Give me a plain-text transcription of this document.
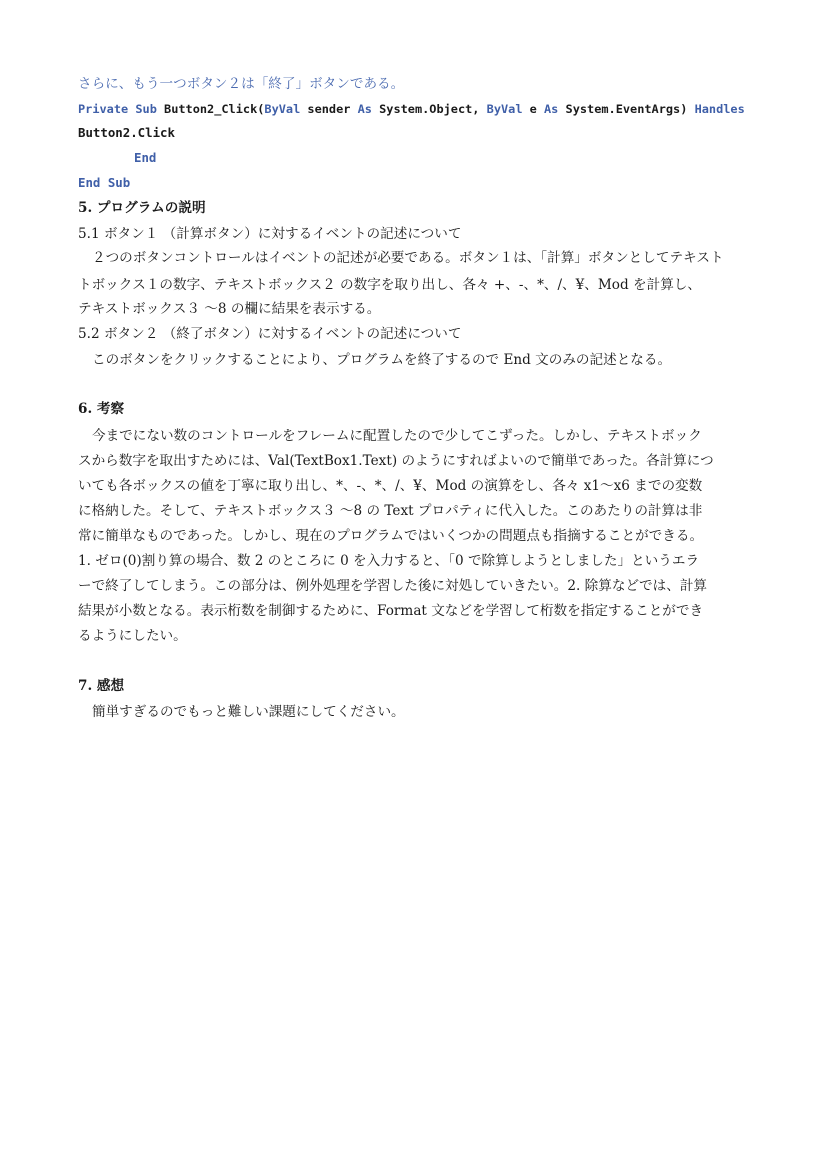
さらに、もう一つボタン２は「終了」ボタンである。
Private Sub Button2_Click(ByVal sender As System.Object, ByVal e As System.EventArgs) Handles
Button2.Click
End
End Sub
5. プログラムの説明
5.1 ボタン１ （計算ボタン）に対するイベントの記述について
２つのボタンコントロールはイベントの記述が必要である。ボタン１は、「計算」ボタンとしてテキスト
トボックス１の数字、テキストボックス２ の数字を取り出し、各々 +、-、*、/、¥、Mod を計算し、
テキストボックス３ ～8 の欄に結果を表示する。
5.2 ボタン２ （終了ボタン）に対するイベントの記述について
このボタンをクリックすることにより、プログラムを終了するので End 文のみの記述となる。
6. 考察
今までにない数のコントロールをフレームに配置したので少してこずった。しかし、テキストボック
スから数字を取出すためには、Val(TextBox1.Text) のようにすればよいので簡単であった。各計算につ
いても各ボックスの値を丁寧に取り出し、*、-、*、/、¥、Mod の演算をし、各々 x1～x6 までの変数
に格納した。そして、テキストボックス３ ～8 の Text プロパティに代入した。このあたりの計算は非
常に簡単なものであった。しかし、現在のプログラムではいくつかの問題点も指摘することができる。
1. ゼロ(0)割り算の場合、数 2 のところに 0 を入力すると、「0 で除算しようとしました」というエラ
ーで終了してしまう。この部分は、例外処理を学習した後に対処していきたい。2. 除算などでは、計算
結果が小数となる。表示桁数を制御するために、Format 文などを学習して桁数を指定することができ
るようにしたい。
7. 感想
簡単すぎるのでもっと難しい課題にしてください。
